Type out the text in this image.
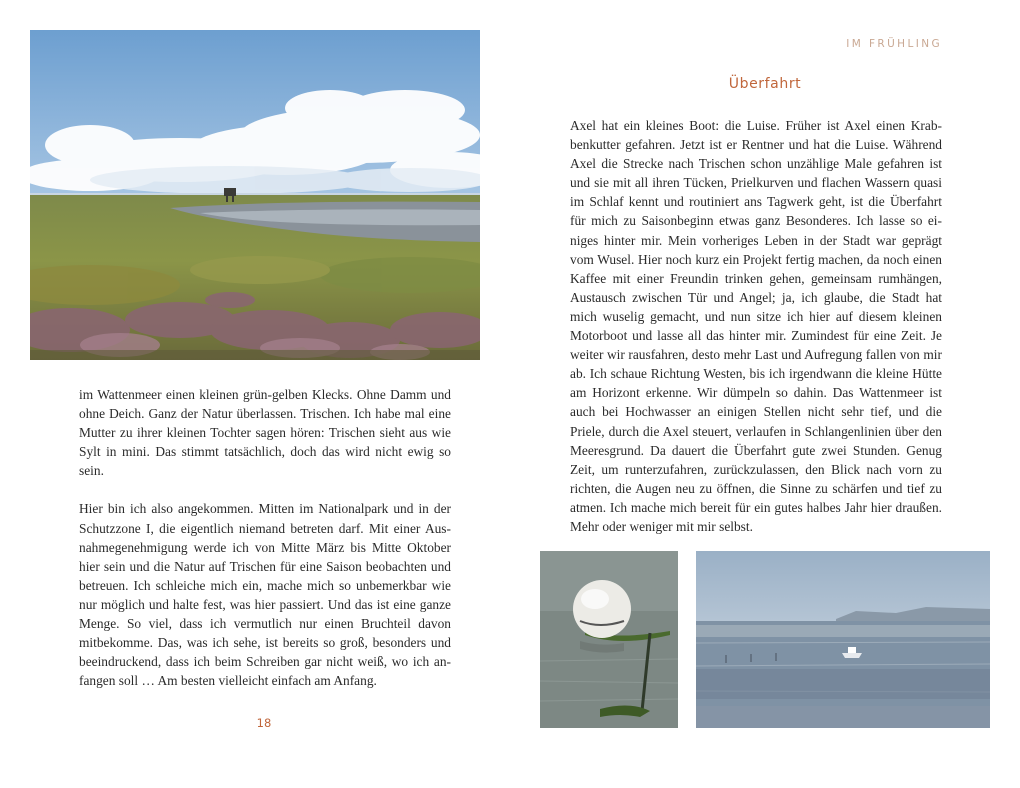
im Wattenmeer einen kleinen grün-gelben Klecks. Ohne Damm und ohne Deich. Ganz der Natur überlassen. Trischen. Ich habe mal eine Mutter zu ihrer kleinen Tochter sagen hören: Trischen sieht aus wie Sylt in mini. Das stimmt tatsächlich, doch das wird nicht ewig so sein.

Hier bin ich also angekommen. Mitten im Nationalpark und in der Schutzzone I, die eigentlich niemand betreten darf. Mit einer Ausnahmegenehmigung werde ich von Mitte März bis Mitte Oktober hier sein und die Natur auf Trischen für eine Saison beobachten und betreuen. Ich schleiche mich ein, mache mich so unbemerkbar wie nur möglich und halte fest, was hier passiert. Und das ist eine ganze Menge. So viel, dass ich vermutlich nur einen Bruchteil davon mitbekomme. Das, was ich sehe, ist bereits so groß, besonders und beeindruckend, dass ich beim Schreiben gar nicht weiß, wo ich anfangen soll … Am besten vielleicht einfach am Anfang.

18
IM FRÜHLING
Überfahrt

Axel hat ein kleines Boot: die Luise. Früher ist Axel einen Krabbenkutter gefahren. Jetzt ist er Rentner und hat die Luise. Während Axel die Strecke nach Trischen schon unzählige Male gefahren ist und sie mit all ihren Tücken, Prielkurven und flachen Wassern quasi im Schlaf kennt und routiniert ans Tagwerk geht, ist die Überfahrt für mich zu Saisonbeginn etwas ganz Besonderes. Ich lasse so einiges hinter mir. Mein vorheriges Leben in der Stadt war geprägt vom Wusel. Hier noch kurz ein Projekt fertig machen, da noch einen Kaffee mit einer Freundin trinken gehen, gemeinsam rumhängen, Austausch zwischen Tür und Angel; ja, ich glaube, die Stadt hat mich wuselig gemacht, und nun sitze ich hier auf diesem kleinen Motorboot und lasse all das hinter mir. Zumindest für eine Zeit. Je weiter wir rausfahren, desto mehr Last und Aufregung fallen von mir ab. Ich schaue Richtung Westen, bis ich irgendwann die kleine Hütte am Horizont erkenne. Wir dümpeln so dahin. Das Wattenmeer ist auch bei Hochwasser an einigen Stellen nicht sehr tief, und die Priele, durch die Axel steuert, verlaufen in Schlangenlinien über den Meeresgrund. Da dauert die Überfahrt gute zwei Stunden. Genug Zeit, um runterzufahren, zurückzulassen, den Blick nach vorn zu richten, die Augen neu zu öffnen, die Sinne zu schärfen und tief zu atmen. Ich mache mich bereit für ein gutes halbes Jahr hier draußen. Mehr oder weniger mit mir selbst.
